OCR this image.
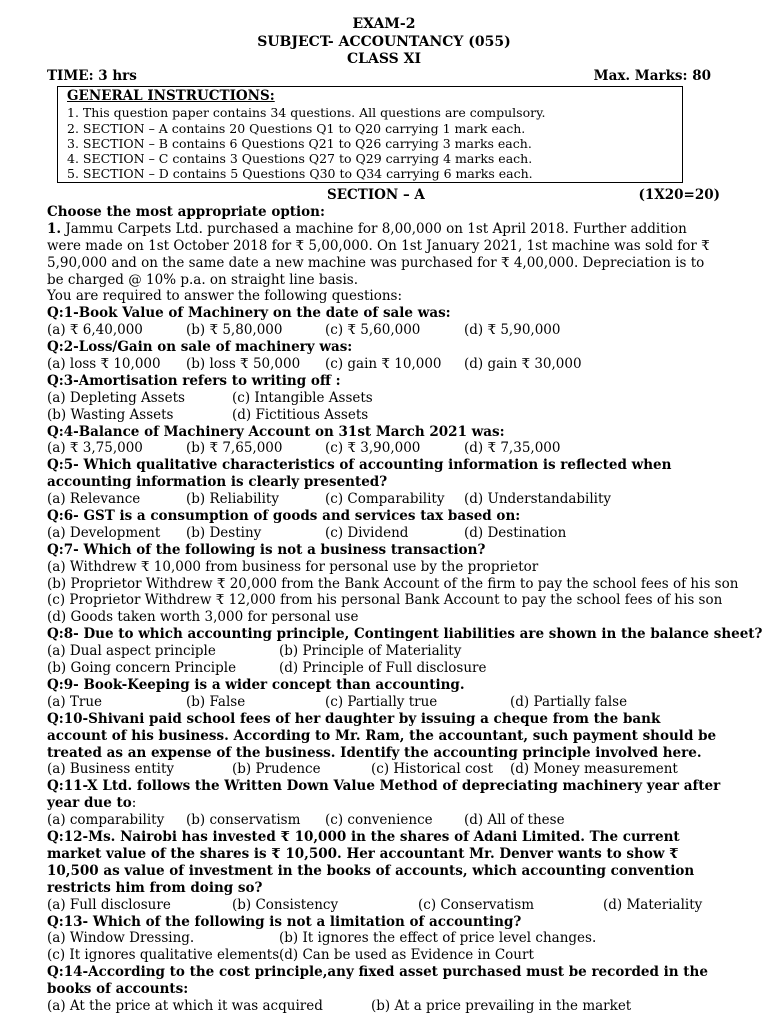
EXAM-2
SUBJECT- ACCOUNTANCY (055)
CLASS XI
TIME: 3 hrs	Max. Marks: 80
GENERAL INSTRUCTIONS:
1. This question paper contains 34 questions. All questions are compulsory.
2. SECTION – A contains 20 Questions Q1 to Q20 carrying 1 mark each.
3. SECTION – B contains 6 Questions Q21 to Q26 carrying 3 marks each.
4. SECTION – C contains 3 Questions Q27 to Q29 carrying 4 marks each.
5. SECTION – D contains 5 Questions Q30 to Q34 carrying 6 marks each.
SECTION – A	(1X20=20)
Choose the most appropriate option:
1. Jammu Carpets Ltd. purchased a machine for 8,00,000 on 1st April 2018. Further addition were made on 1st October 2018 for ₹ 5,00,000. On 1st January 2021, 1st machine was sold for ₹ 5,90,000 and on the same date a new machine was purchased for ₹ 4,00,000. Depreciation is to be charged @ 10% p.a. on straight line basis.
You are required to answer the following questions:
Q:1-Book Value of Machinery on the date of sale was:
(a) ₹ 6,40,000	(b) ₹ 5,80,000	(c) ₹ 5,60,000	(d) ₹ 5,90,000
Q:2-Loss/Gain on sale of machinery was:
(a) loss ₹ 10,000 (b) loss ₹ 50,000 (c) gain ₹ 10,000 (d) gain ₹ 30,000
Q:3-Amortisation refers to writing off :
(a) Depleting Assets	(c) Intangible Assets
(b) Wasting Assets	(d) Fictitious Assets
Q:4-Balance of Machinery Account on 31st March 2021 was:
(a) ₹ 3,75,000	(b) ₹ 7,65,000	(c) ₹ 3,90,000	(d) ₹ 7,35,000
Q:5- Which qualitative characteristics of accounting information is reflected when accounting information is clearly presented?
(a) Relevance	(b) Reliability	(c) Comparability (d) Understandability
Q:6- GST is a consumption of goods and services tax based on:
(a) Development (b) Destiny	(c) Dividend	(d) Destination
Q:7- Which of the following is not a business transaction?
(a) Withdrew ₹ 10,000 from business for personal use by the proprietor
(b) Proprietor Withdrew ₹ 20,000 from the Bank Account of the firm to pay the school fees of his son
(c) Proprietor Withdrew ₹ 12,000 from his personal Bank Account to pay the school fees of his son
(d) Goods taken worth 3,000 for personal use
Q:8- Due to which accounting principle, Contingent liabilities are shown in the balance sheet?
(a) Dual aspect principle	(b) Principle of Materiality
(b) Going concern Principle	(d) Principle of Full disclosure
Q:9- Book-Keeping is a wider concept than accounting.
(a) True	(b) False	(c) Partially true	(d) Partially false
Q:10-Shivani paid school fees of her daughter by issuing a cheque from the bank account of his business. According to Mr. Ram, the accountant, such payment should be treated as an expense of the business. Identify the accounting principle involved here.
(a) Business entity	(b) Prudence	(c) Historical cost (d) Money measurement
Q:11-X Ltd. follows the Written Down Value Method of depreciating machinery year after year due to:
(a) comparability (b) conservatism (c) convenience (d) All of these
Q:12-Ms. Nairobi has invested ₹ 10,000 in the shares of Adani Limited. The current market value of the shares is ₹ 10,500. Her accountant Mr. Denver wants to show ₹ 10,500 as value of investment in the books of accounts, which accounting convention restricts him from doing so?
(a) Full disclosure	(b) Consistency	(c) Conservatism	(d) Materiality
Q:13- Which of the following is not a limitation of accounting?
(a) Window Dressing.	(b) It ignores the effect of price level changes.
(c) It ignores qualitative elements (d) Can be used as Evidence in Court
Q:14-According to the cost principle,any fixed asset purchased must be recorded in the books of accounts:
(a) At the price at which it was acquired	(b) At a price prevailing in the market
